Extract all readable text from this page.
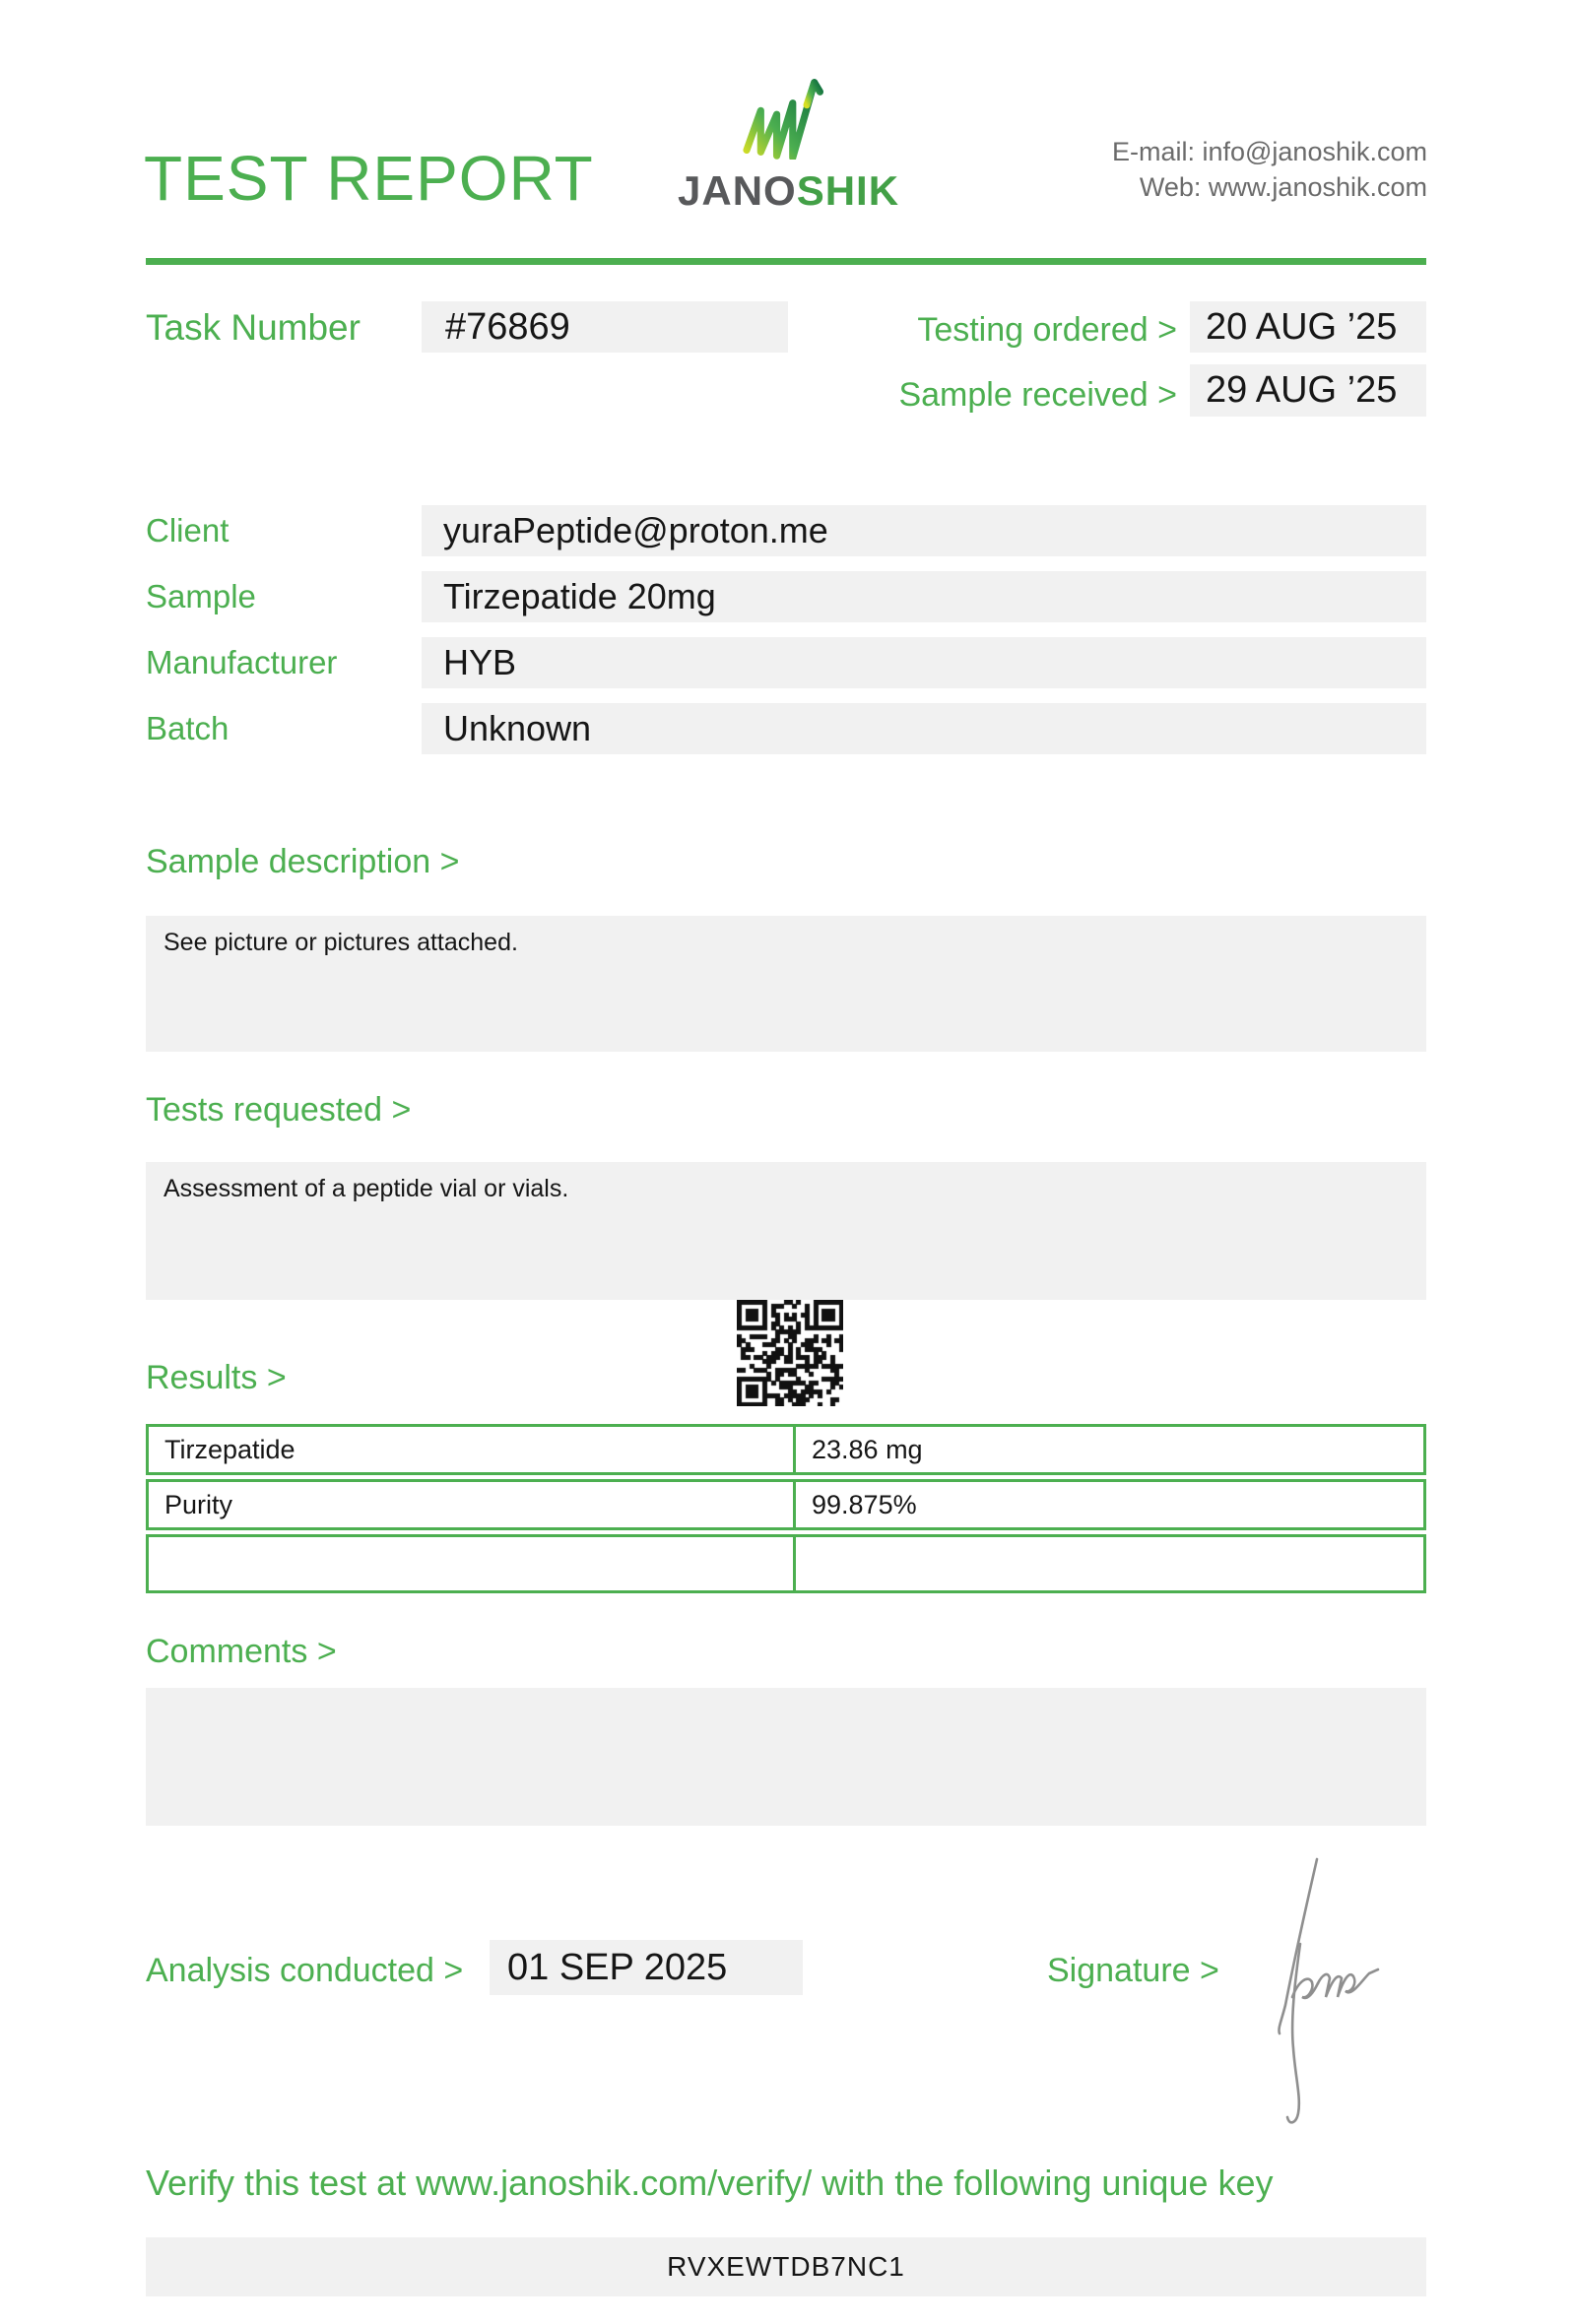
TEST REPORT JANOSHIK
E-mail: info@janoshik.com
Web: www.janoshik.com
Task Number	#76869	Testing ordered > 20 AUG ’25
Sample received > 29 AUG ’25
Client	yuraPeptide@proton.me
Sample	Tirzepatide 20mg
Manufacturer	HYB
Batch	Unknown
Sample description >
See picture or pictures attached.
Tests requested >
Assessment of a peptide vial or vials.
Results >
Tirzepatide	23.86 mg
Purity	99.875%
Comments >
Analysis conducted >	01 SEP 2025	Signature >
Verify this test at www.janoshik.com/verify/ with the following unique key
RVXEWTDB7NC1
